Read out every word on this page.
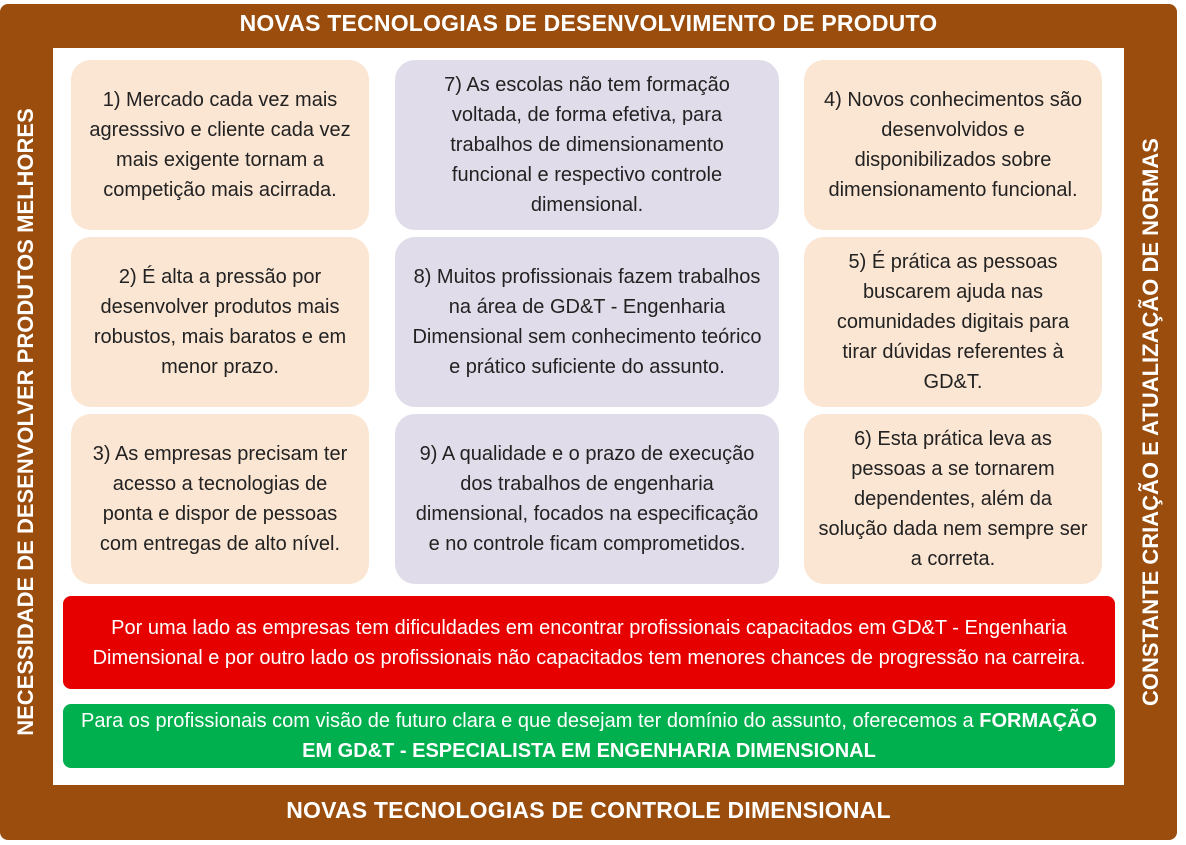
NOVAS TECNOLOGIAS DE DESENVOLVIMENTO DE PRODUTO
NOVAS TECNOLOGIAS DE CONTROLE DIMENSIONAL
NECESSIDADE DE DESENVOLVER PRODUTOS MELHORES	CONSTANTE CRIAÇÃO E ATUALIZAÇÃO DE NORMAS
1) Mercado cada vez mais agresssivo e cliente cada vez mais exigente tornam a competição mais acirrada.
2) É alta a pressão por desenvolver produtos mais robustos, mais baratos e em menor prazo.
3) As empresas precisam ter acesso a tecnologias de ponta e dispor de pessoas com entregas de alto nível.
7) As escolas não tem formação voltada, de forma efetiva, para trabalhos de dimensionamento funcional e respectivo controle dimensional.
8) Muitos profissionais fazem trabalhos na área de GD&T - Engenharia Dimensional sem conhecimento teórico e prático suficiente do assunto.
9) A qualidade e o prazo de execução dos trabalhos de engenharia dimensional, focados na especificação e no controle ficam comprometidos.
4) Novos conhecimentos são desenvolvidos e disponibilizados sobre dimensionamento funcional.
5) É prática as pessoas buscarem ajuda nas comunidades digitais para tirar dúvidas referentes à GD&T.
6) Esta prática leva as pessoas a se tornarem dependentes, além da solução dada nem sempre ser a correta.
Por uma lado as empresas tem dificuldades em encontrar profissionais capacitados em GD&T - Engenharia Dimensional e por outro lado os profissionais não capacitados tem menores chances de progressão na carreira.
Para os profissionais com visão de futuro clara e que desejam ter domínio do assunto, oferecemos a FORMAÇÃO EM GD&T - ESPECIALISTA EM ENGENHARIA DIMENSIONAL
